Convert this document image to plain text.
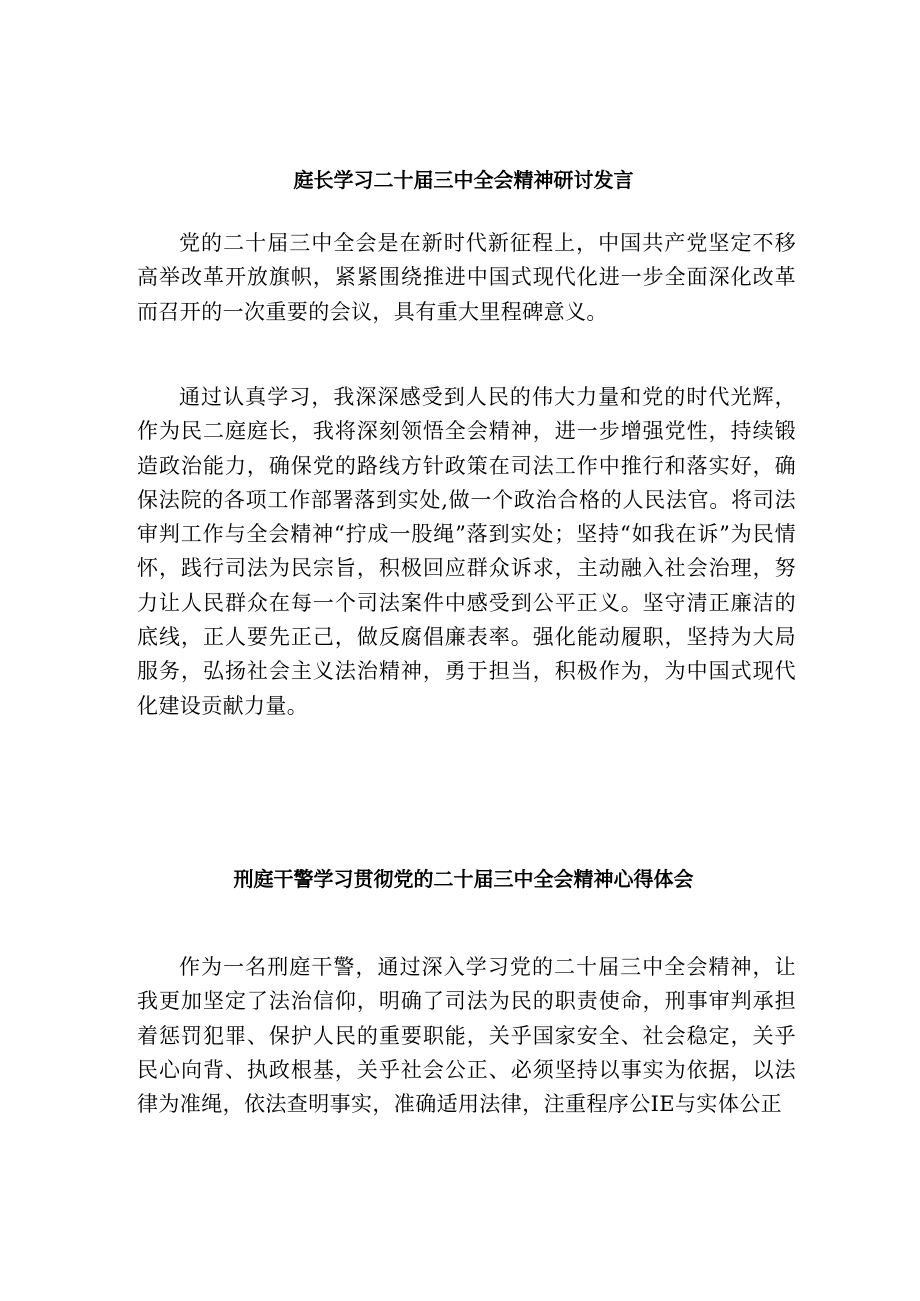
庭长学习二十届三中全会精神研讨发言

党的二十届三中全会是在新时代新征程上，中国共产党坚定不移高举改革开放旗帜，紧紧围绕推进中国式现代化进一步全面深化改革而召开的一次重要的会议，具有重大里程碑意义。

通过认真学习，我深深感受到人民的伟大力量和党的时代光辉，作为民二庭庭长，我将深刻领悟全会精神，进一步增强党性，持续锻造政治能力，确保党的路线方针政策在司法工作中推行和落实好，确保法院的各项工作部署落到实处,做一个政治合格的人民法官。将司法审判工作与全会精神“拧成一股绳”落到实处；坚持“如我在诉”为民情怀，践行司法为民宗旨，积极回应群众诉求，主动融入社会治理，努力让人民群众在每一个司法案件中感受到公平正义。坚守清正廉洁的底线，正人要先正己，做反腐倡廉表率。强化能动履职，坚持为大局服务，弘扬社会主义法治精神，勇于担当，积极作为，为中国式现代化建设贡献力量。

刑庭干警学习贯彻党的二十届三中全会精神心得体会

作为一名刑庭干警，通过深入学习党的二十届三中全会精神，让我更加坚定了法治信仰，明确了司法为民的职责使命，刑事审判承担着惩罚犯罪、保护人民的重要职能，关乎国家安全、社会稳定，关乎民心向背、执政根基，关乎社会公正、必须坚持以事实为依据，以法律为准绳，依法查明事实，准确适用法律，注重程序公IE与实体公正
